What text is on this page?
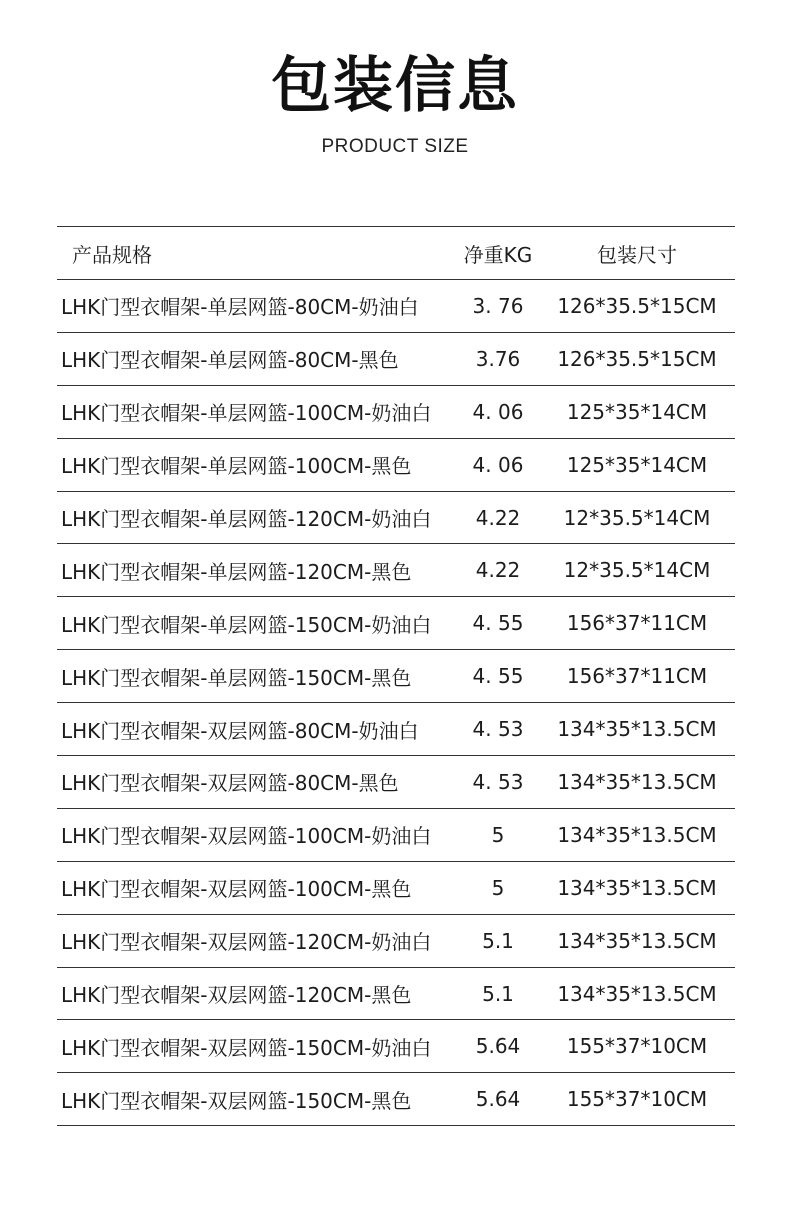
包装信息
PRODUCT SIZE
产品规格	净重KG	包装尺寸
LHK门型衣帽架-单层网篮-80CM-奶油白	3. 76	126*35.5*15CM
LHK门型衣帽架-单层网篮-80CM-黑色	3.76	126*35.5*15CM
LHK门型衣帽架-单层网篮-100CM-奶油白	4. 06	125*35*14CM
LHK门型衣帽架-单层网篮-100CM-黑色	4. 06	125*35*14CM
LHK门型衣帽架-单层网篮-120CM-奶油白	4.22	12*35.5*14CM
LHK门型衣帽架-单层网篮-120CM-黑色	4.22	12*35.5*14CM
LHK门型衣帽架-单层网篮-150CM-奶油白	4. 55	156*37*11CM
LHK门型衣帽架-单层网篮-150CM-黑色	4. 55	156*37*11CM
LHK门型衣帽架-双层网篮-80CM-奶油白	4. 53	134*35*13.5CM
LHK门型衣帽架-双层网篮-80CM-黑色	4. 53	134*35*13.5CM
LHK门型衣帽架-双层网篮-100CM-奶油白	5	134*35*13.5CM
LHK门型衣帽架-双层网篮-100CM-黑色	5	134*35*13.5CM
LHK门型衣帽架-双层网篮-120CM-奶油白	5.1	134*35*13.5CM
LHK门型衣帽架-双层网篮-120CM-黑色	5.1	134*35*13.5CM
LHK门型衣帽架-双层网篮-150CM-奶油白	5.64	155*37*10CM
LHK门型衣帽架-双层网篮-150CM-黑色	5.64	155*37*10CM
